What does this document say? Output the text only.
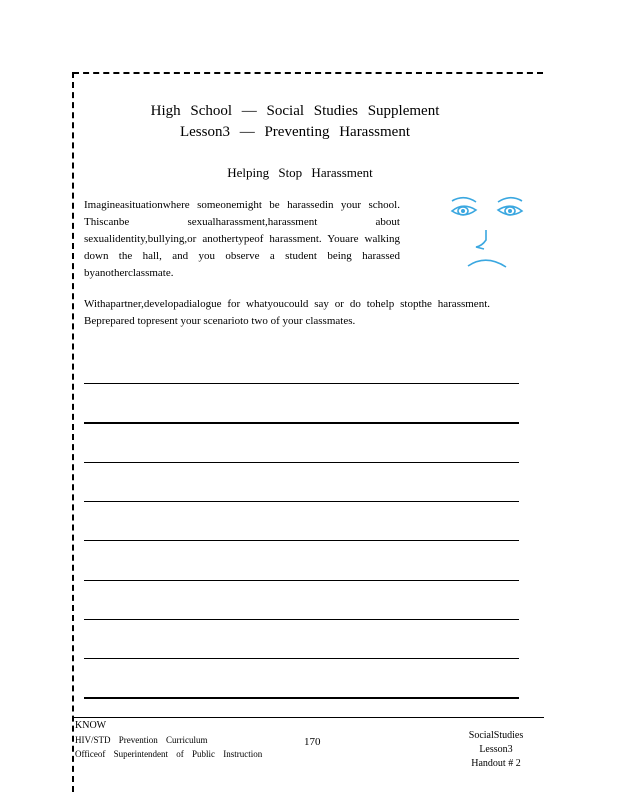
High School — Social Studies Supplement
Lesson3 — Preventing Harassment
Helping Stop Harassment
Imagineasituationwhere someonemight be harassedin your school. Thiscanbe sexualharassment,harassment about sexualidentity,bullying,or anothertypeof harassment. Youare walking down the hall, and you observe a student being harassed byanotherclassmate.
Withapartner,developadialogue for whatyoucould say or do tohelp stopthe harassment. Beprepared topresent your scenarioto two of your classmates.
KNOW
HIV/STD Prevention Curriculum
Officeof Superintendent of Public Instruction
170
SocialStudies
Lesson3
Handout # 2
